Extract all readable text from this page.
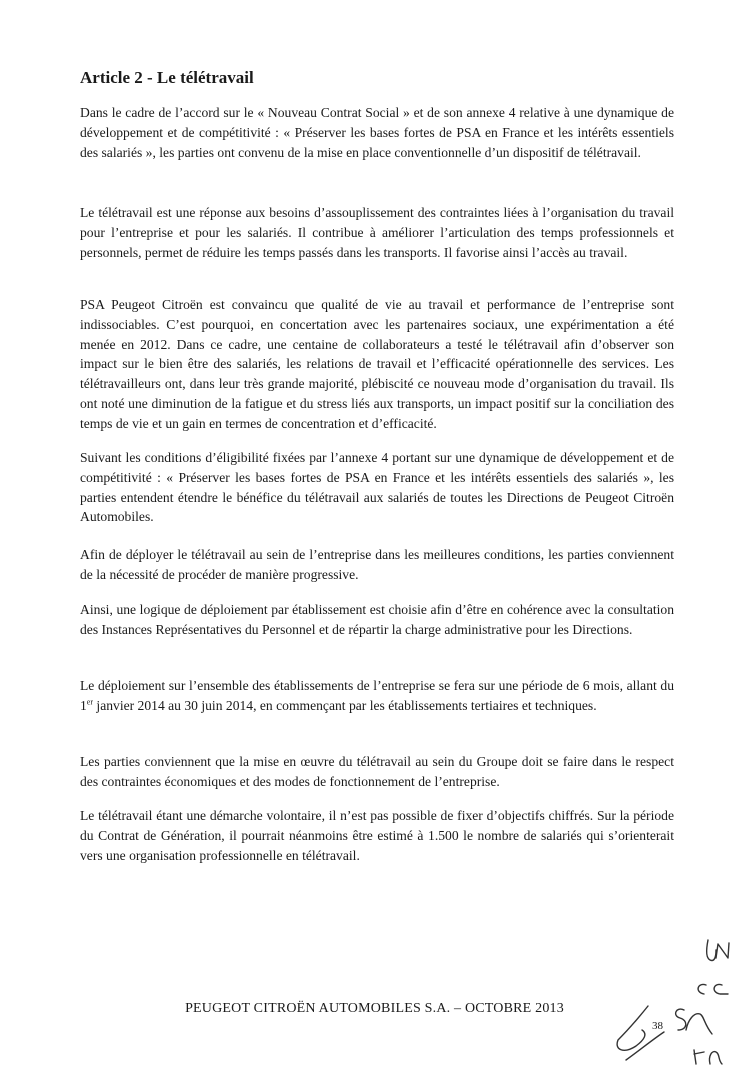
Article 2 - Le télétravail

Dans le cadre de l’accord sur le « Nouveau Contrat Social » et de son annexe 4 relative à une dynamique de développement et de compétitivité : « Préserver les bases fortes de PSA en France et les intérêts essentiels des salariés », les parties ont convenu de la mise en place conventionnelle d’un dispositif de télétravail.

Le télétravail est une réponse aux besoins d’assouplissement des contraintes liées à l’organisation du travail pour l’entreprise et pour les salariés. Il contribue à améliorer l’articulation des temps professionnels et personnels, permet de réduire les temps passés dans les transports. Il favorise ainsi l’accès au travail.

PSA Peugeot Citroën est convaincu que qualité de vie au travail et performance de l’entreprise sont indissociables. C’est pourquoi, en concertation avec les partenaires sociaux, une expérimentation a été menée en 2012. Dans ce cadre, une centaine de collaborateurs a testé le télétravail afin d’observer son impact sur le bien être des salariés, les relations de travail et l’efficacité opérationnelle des services. Les télétravailleurs ont, dans leur très grande majorité, plébiscité ce nouveau mode d’organisation du travail. Ils ont noté une diminution de la fatigue et du stress liés aux transports, un impact positif sur la conciliation des temps de vie et un gain en termes de concentration et d’efficacité.

Suivant les conditions d’éligibilité fixées par l’annexe 4 portant sur une dynamique de développement et de compétitivité : « Préserver les bases fortes de PSA en France et les intérêts essentiels des salariés », les parties entendent étendre le bénéfice du télétravail aux salariés de toutes les Directions de Peugeot Citroën Automobiles.

Afin de déployer le télétravail au sein de l’entreprise dans les meilleures conditions, les parties conviennent de la nécessité de procéder de manière progressive.

Ainsi, une logique de déploiement par établissement est choisie afin d’être en cohérence avec la consultation des Instances Représentatives du Personnel et de répartir la charge administrative pour les Directions.

Le déploiement sur l’ensemble des établissements de l’entreprise se fera sur une période de 6 mois, allant du 1er janvier 2014 au 30 juin 2014, en commençant par les établissements tertiaires et techniques.

Les parties conviennent que la mise en œuvre du télétravail au sein du Groupe doit se faire dans le respect des contraintes économiques et des modes de fonctionnement de l’entreprise.

Le télétravail étant une démarche volontaire, il n’est pas possible de fixer d’objectifs chiffrés. Sur la période du Contrat de Génération, il pourrait néanmoins être estimé à 1.500 le nombre de salariés qui s’orienterait vers une organisation professionnelle en télétravail.

PEUGEOT CITROËN AUTOMOBILES S.A. – OCTOBRE 2013
38
